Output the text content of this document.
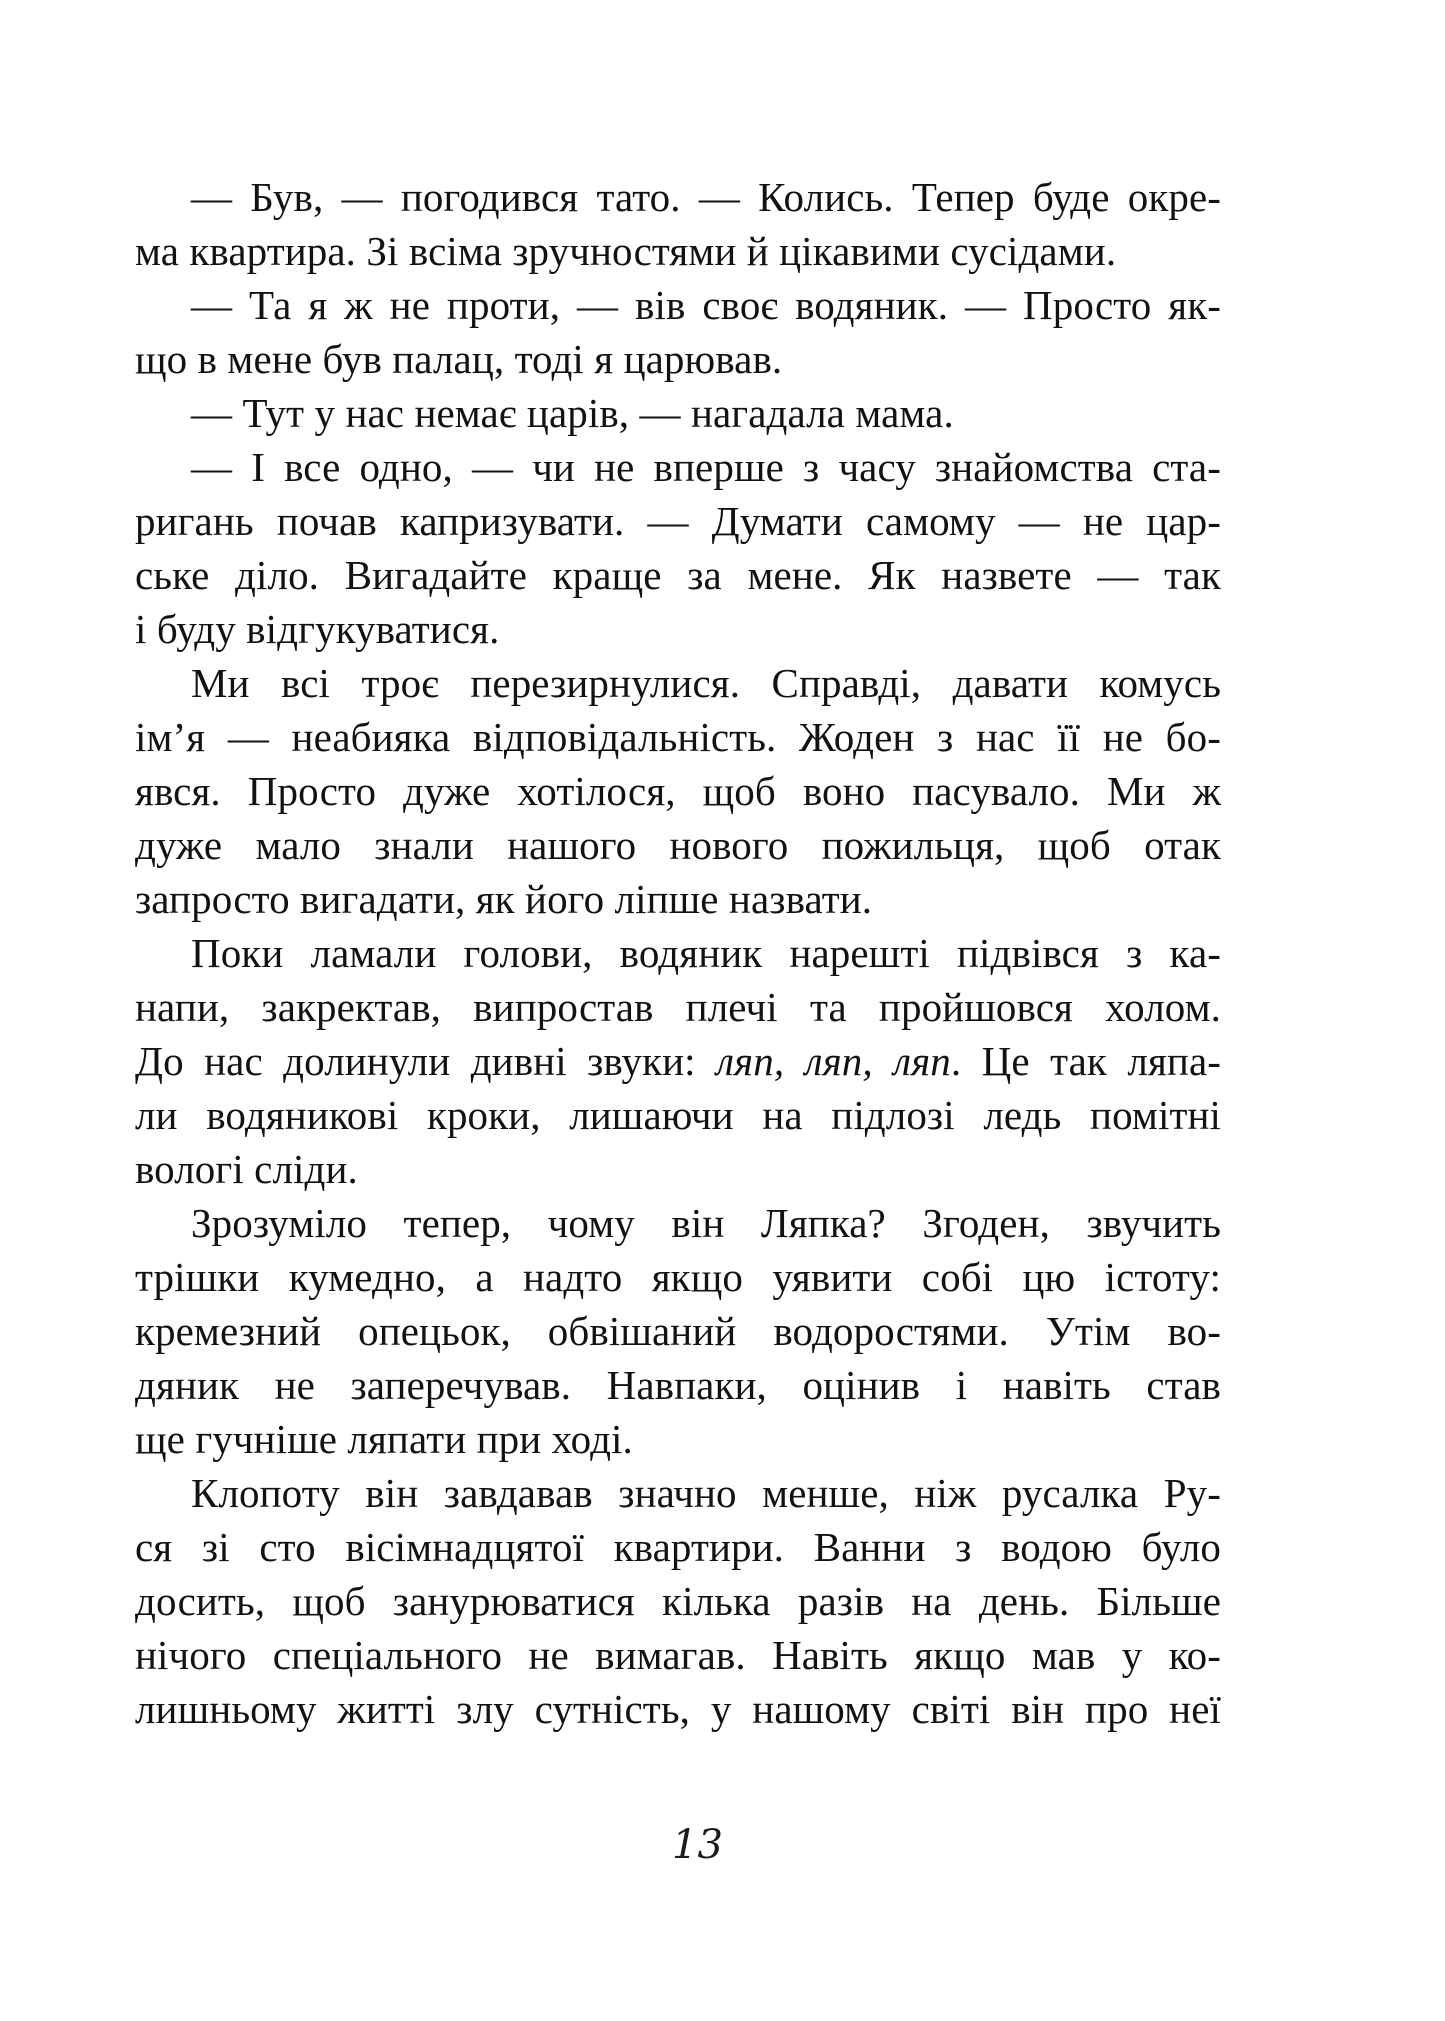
— Був, — погодився тато. — Колись. Тепер буде окре-
ма квартира. Зі всіма зручностями й цікавими сусідами.
— Та я ж не проти, — вів своє водяник. — Просто як-
що в мене був палац, тоді я царював.
— Тут у нас немає царів, — нагадала мама.
— І все одно, — чи не вперше з часу знайомства ста-
ригань почав капризувати. — Думати самому — не цар-
ське діло. Вигадайте краще за мене. Як назвете — так
і буду відгукуватися.
Ми всі троє перезирнулися. Справді, давати комусь
ім’я — неабияка відповідальність. Жоден з нас її не бо-
явся. Просто дуже хотілося, щоб воно пасувало. Ми ж
дуже мало знали нашого нового пожильця, щоб отак
запросто вигадати, як його ліпше назвати.
Поки ламали голови, водяник нарешті підвівся з ка-
напи, закректав, випростав плечі та пройшовся холом.
До нас долинули дивні звуки: ляп, ляп, ляп. Це так ляпа-
ли водяникові кроки, лишаючи на підлозі ледь помітні
вологі сліди.
Зрозуміло тепер, чому він Ляпка? Згоден, звучить
трішки кумедно, а надто якщо уявити собі цю істоту:
кремезний опецьок, обвішаний водоростями. Утім во-
дяник не заперечував. Навпаки, оцінив і навіть став
ще гучніше ляпати при ході.
Клопоту він завдавав значно менше, ніж русалка Ру-
ся зі сто вісімнадцятої квартири. Ванни з водою було
досить, щоб занурюватися кілька разів на день. Більше
нічого спеціального не вимагав. Навіть якщо мав у ко-
лишньому житті злу сутність, у нашому світі він про неї
13
